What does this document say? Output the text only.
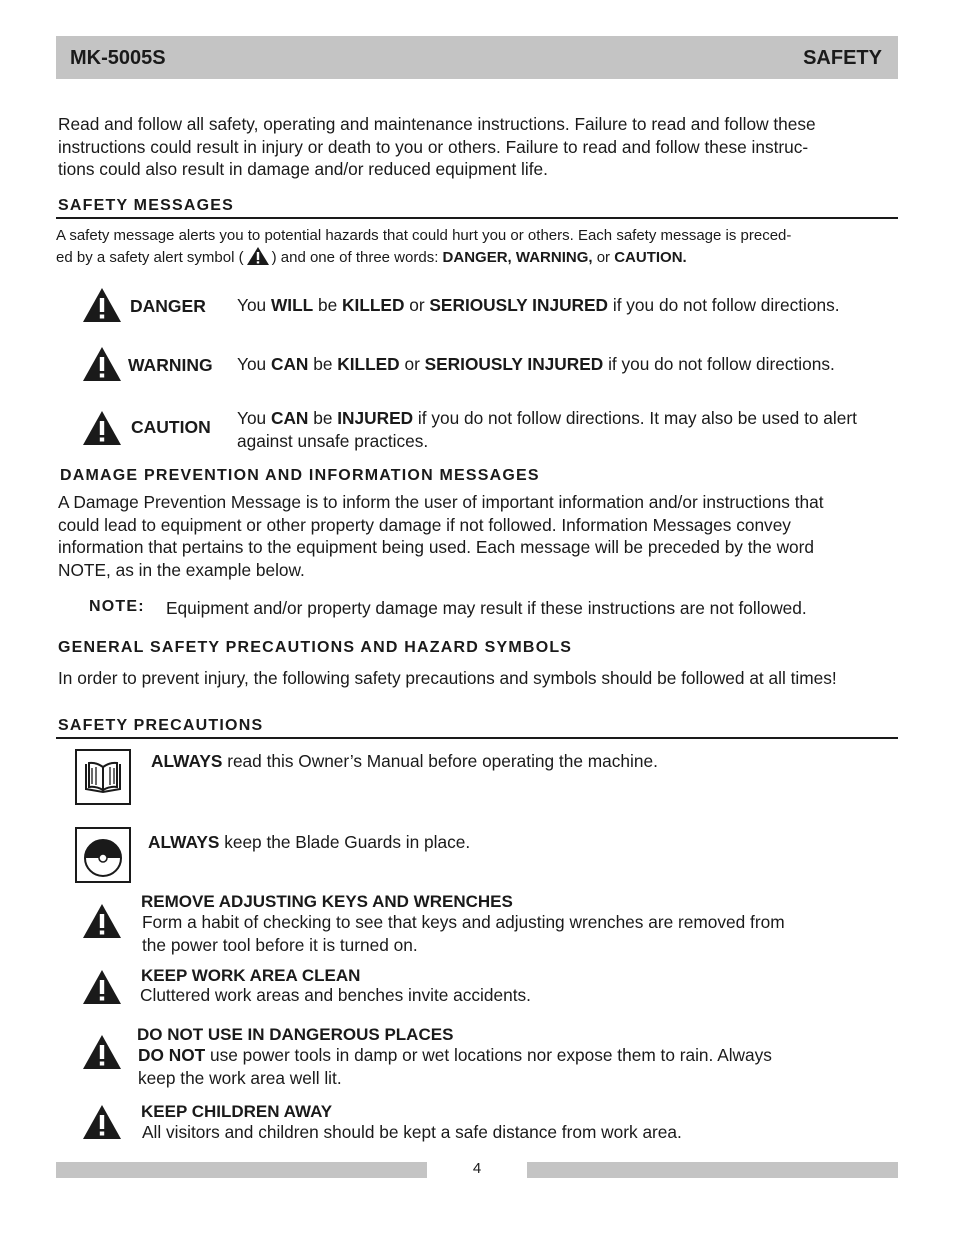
MK-5005S	SAFETY
Read and follow all safety, operating and maintenance instructions. Failure to read and follow these
instructions could result in injury or death to you or others. Failure to read and follow these instruc-
tions could also result in damage and/or reduced equipment life.
SAFETY MESSAGES
A safety message alerts you to potential hazards that could hurt you or others. Each safety message is preced-
ed by a safety alert symbol ( ) and one of three words: DANGER, WARNING, or CAUTION.
DANGER You WILL be KILLED or SERIOUSLY INJURED if you do not follow directions.
WARNING You CAN be KILLED or SERIOUSLY INJURED if you do not follow directions.
CAUTION You CAN be INJURED if you do not follow directions. It may also be used to alert
against unsafe practices.
DAMAGE PREVENTION AND INFORMATION MESSAGES
A Damage Prevention Message is to inform the user of important information and/or instructions that
could lead to equipment or other property damage if not followed. Information Messages convey
information that pertains to the equipment being used. Each message will be preceded by the word
NOTE, as in the example below.
NOTE: Equipment and/or property damage may result if these instructions are not followed.
GENERAL SAFETY PRECAUTIONS AND HAZARD SYMBOLS
In order to prevent injury, the following safety precautions and symbols should be followed at all times!
SAFETY PRECAUTIONS
ALWAYS read this Owner’s Manual before operating the machine.
ALWAYS keep the Blade Guards in place.
REMOVE ADJUSTING KEYS AND WRENCHES
Form a habit of checking to see that keys and adjusting wrenches are removed from
the power tool before it is turned on.
KEEP WORK AREA CLEAN
Cluttered work areas and benches invite accidents.
DO NOT USE IN DANGEROUS PLACES
DO NOT use power tools in damp or wet locations nor expose them to rain. Always
keep the work area well lit.
KEEP CHILDREN AWAY
All visitors and children should be kept a safe distance from work area.
4
